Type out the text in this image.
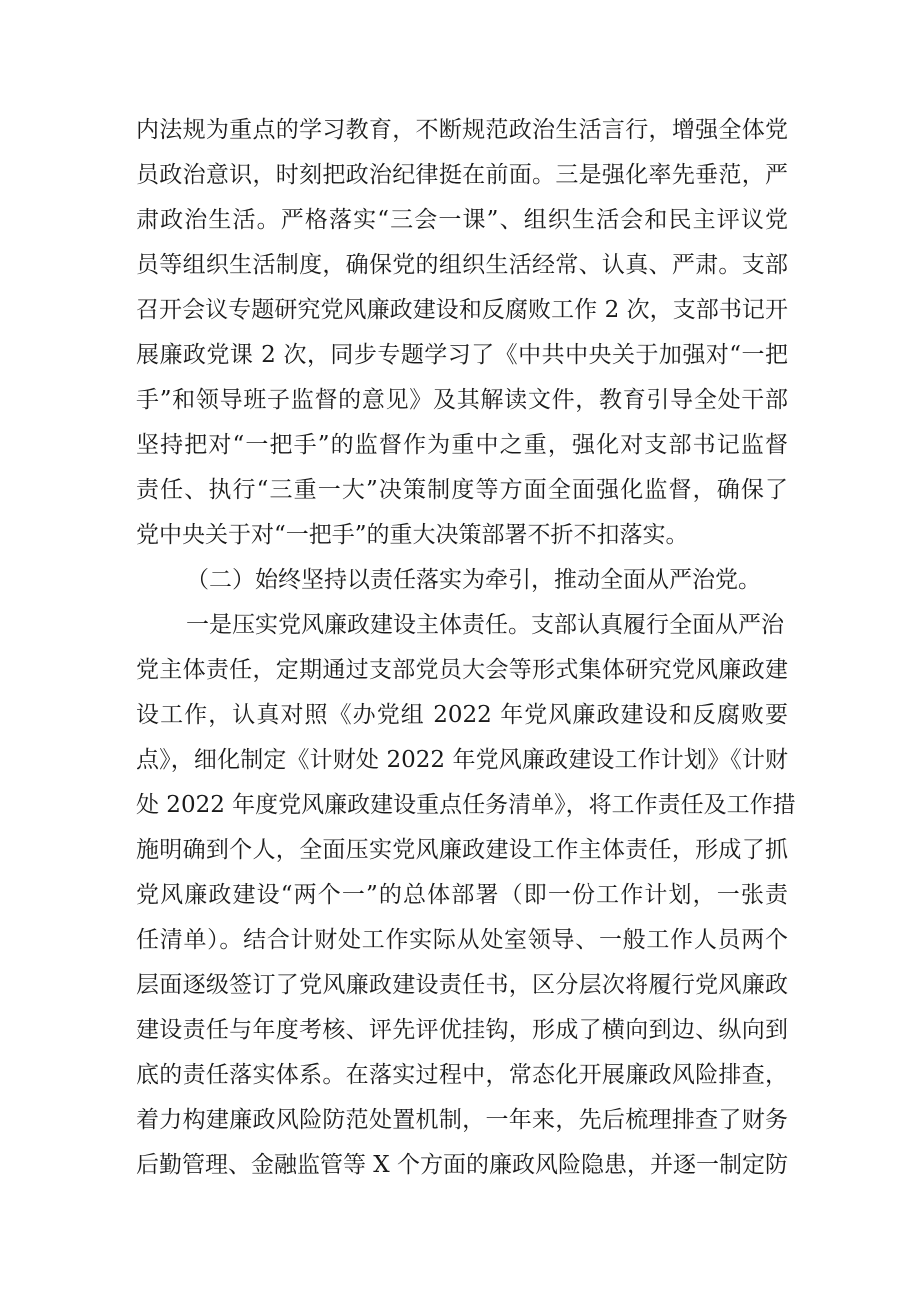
内法规为重点的学习教育，不断规范政治生活言行，增强全体党
员政治意识，时刻把政治纪律挺在前面。三是强化率先垂范，严
肃政治生活。严格落实“三会一课”、组织生活会和民主评议党
员等组织生活制度，确保党的组织生活经常、认真、严肃。支部
召开会议专题研究党风廉政建设和反腐败工作 2 次，支部书记开
展廉政党课 2 次，同步专题学习了《中共中央关于加强对“一把
手”和领导班子监督的意见》及其解读文件，教育引导全处干部
坚持把对“一把手”的监督作为重中之重，强化对支部书记监督
责任、执行“三重一大”决策制度等方面全面强化监督，确保了
党中央关于对“一把手”的重大决策部署不折不扣落实。
（二）始终坚持以责任落实为牵引，推动全面从严治党。
一是压实党风廉政建设主体责任。支部认真履行全面从严治
党主体责任，定期通过支部党员大会等形式集体研究党风廉政建
设工作，认真对照《办党组 2022 年党风廉政建设和反腐败要
点》，细化制定《计财处 2022 年党风廉政建设工作计划》《计财
处 2022 年度党风廉政建设重点任务清单》，将工作责任及工作措
施明确到个人，全面压实党风廉政建设工作主体责任，形成了抓
党风廉政建设“两个一”的总体部署（即一份工作计划，一张责
任清单）。结合计财处工作实际从处室领导、一般工作人员两个
层面逐级签订了党风廉政建设责任书，区分层次将履行党风廉政
建设责任与年度考核、评先评优挂钩，形成了横向到边、纵向到
底的责任落实体系。在落实过程中，常态化开展廉政风险排查，
着力构建廉政风险防范处置机制，一年来，先后梳理排查了财务
后勤管理、金融监管等 X 个方面的廉政风险隐患，并逐一制定防
